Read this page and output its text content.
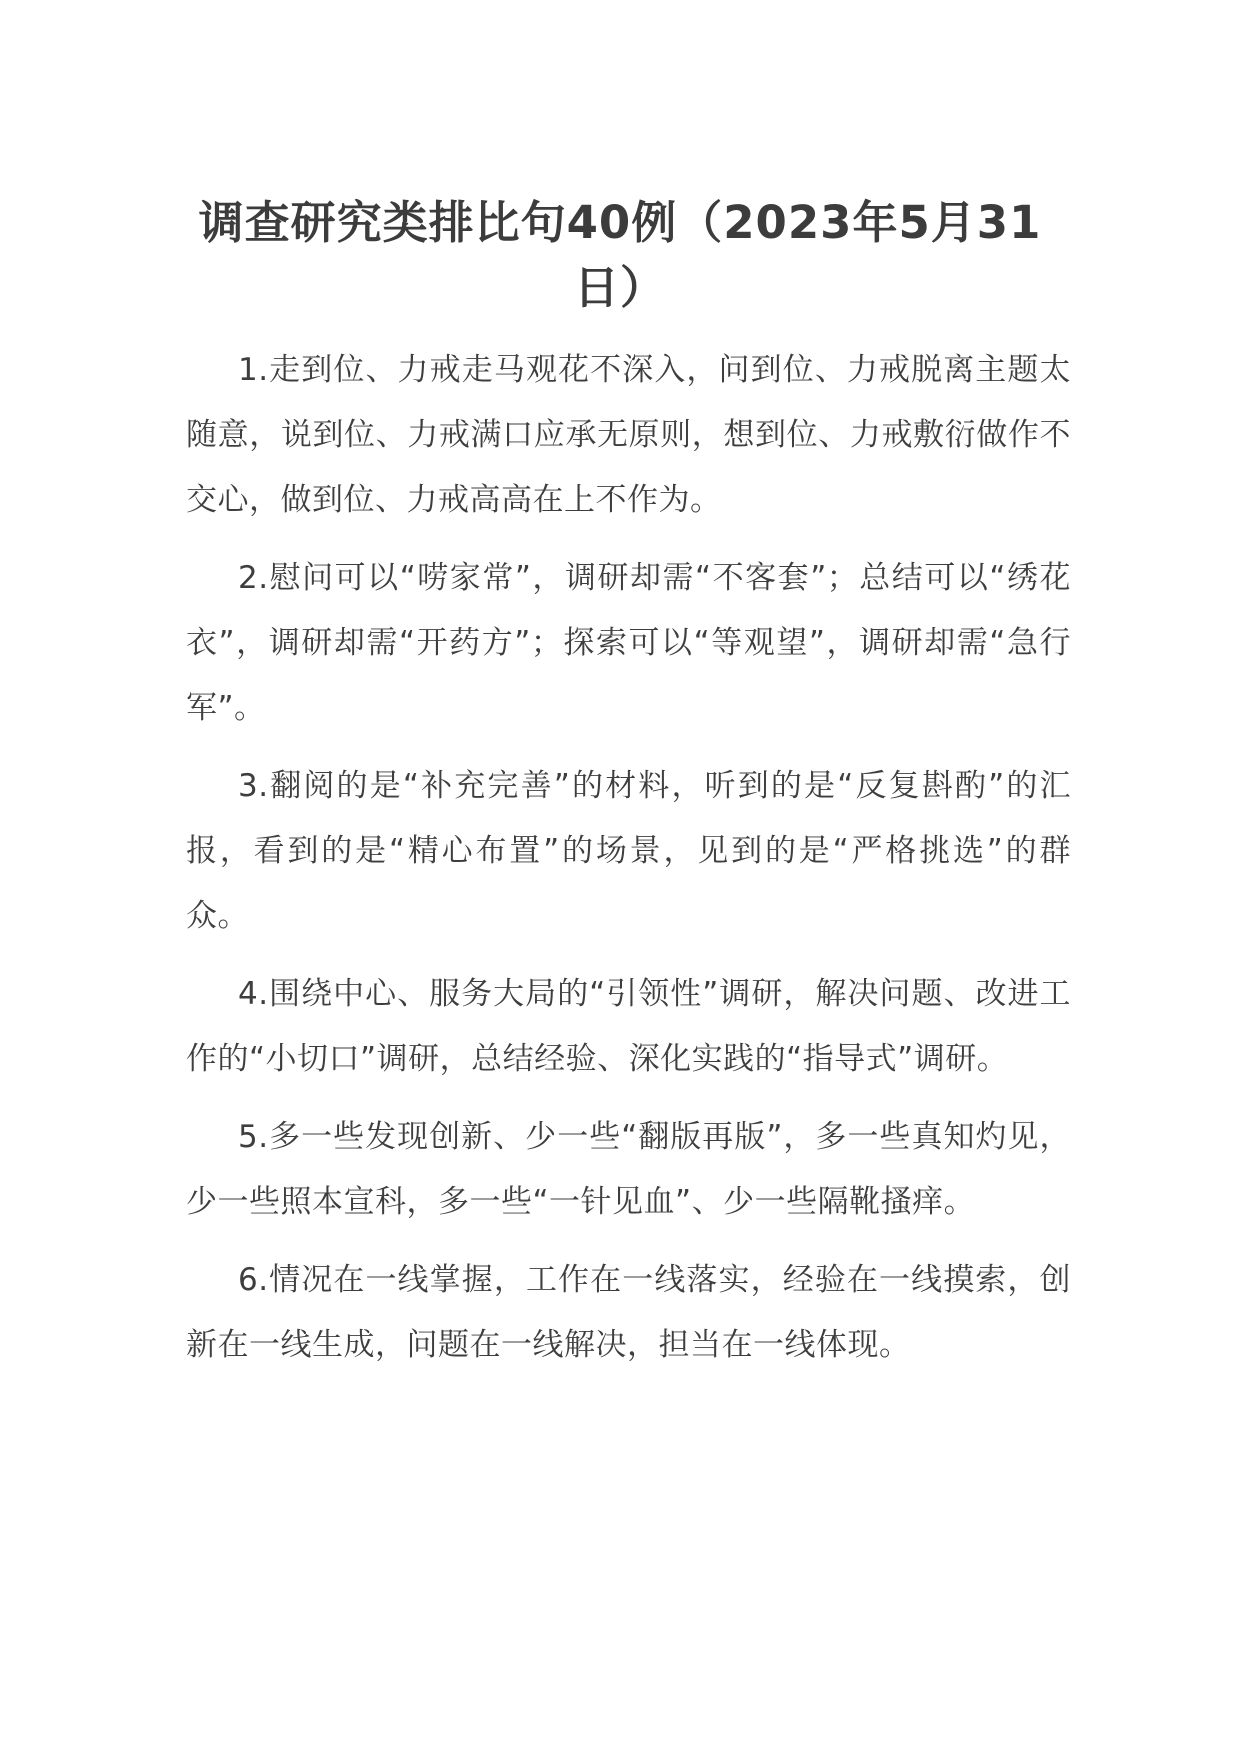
调查研究类排比句40例（2023年5月31日）

1.走到位、力戒走马观花不深入，问到位、力戒脱离主题太随意，说到位、力戒满口应承无原则，想到位、力戒敷衍做作不交心，做到位、力戒高高在上不作为。

2.慰问可以“唠家常”，调研却需“不客套”；总结可以“绣花衣”，调研却需“开药方”；探索可以“等观望”，调研却需“急行军”。

3.翻阅的是“补充完善”的材料，听到的是“反复斟酌”的汇报，看到的是“精心布置”的场景，见到的是“严格挑选”的群众。

4.围绕中心、服务大局的“引领性”调研，解决问题、改进工作的“小切口”调研，总结经验、深化实践的“指导式”调研。

5.多一些发现创新、少一些“翻版再版”，多一些真知灼见，少一些照本宣科，多一些“一针见血”、少一些隔靴搔痒。

6.情况在一线掌握，工作在一线落实，经验在一线摸索，创新在一线生成，问题在一线解决，担当在一线体现。
